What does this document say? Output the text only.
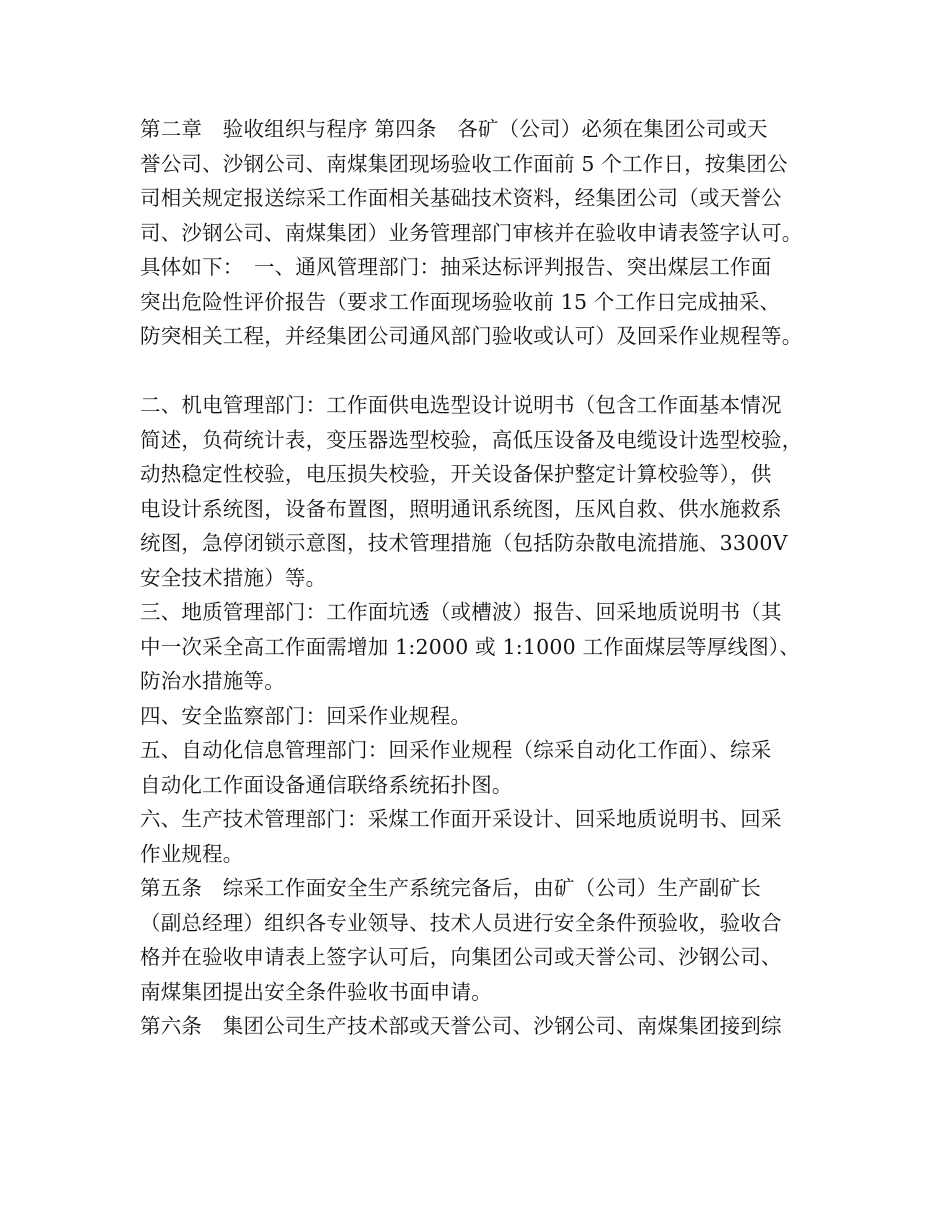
第二章　验收组织与程序 第四条　各矿（公司）必须在集团公司或天
誉公司、沙钢公司、南煤集团现场验收工作面前 5 个工作日，按集团公
司相关规定报送综采工作面相关基础技术资料，经集团公司（或天誉公
司、沙钢公司、南煤集团）业务管理部门审核并在验收申请表签字认可。
具体如下：　一、通风管理部门：抽采达标评判报告、突出煤层工作面
突出危险性评价报告（要求工作面现场验收前 15 个工作日完成抽采、
防突相关工程，并经集团公司通风部门验收或认可）及回采作业规程等。
二、机电管理部门：工作面供电选型设计说明书（包含工作面基本情况
简述，负荷统计表，变压器选型校验，高低压设备及电缆设计选型校验，
动热稳定性校验，电压损失校验，开关设备保护整定计算校验等），供
电设计系统图，设备布置图，照明通讯系统图，压风自救、供水施救系
统图，急停闭锁示意图，技术管理措施（包括防杂散电流措施、3300V
安全技术措施）等。
三、地质管理部门：工作面坑透（或槽波）报告、回采地质说明书（其
中一次采全高工作面需增加 1:2000 或 1:1000 工作面煤层等厚线图）、
防治水措施等。
四、安全监察部门：回采作业规程。
五、自动化信息管理部门：回采作业规程（综采自动化工作面）、综采
自动化工作面设备通信联络系统拓扑图。
六、生产技术管理部门：采煤工作面开采设计、回采地质说明书、回采
作业规程。
第五条　综采工作面安全生产系统完备后，由矿（公司）生产副矿长
（副总经理）组织各专业领导、技术人员进行安全条件预验收，验收合
格并在验收申请表上签字认可后，向集团公司或天誉公司、沙钢公司、
南煤集团提出安全条件验收书面申请。
第六条　集团公司生产技术部或天誉公司、沙钢公司、南煤集团接到综
